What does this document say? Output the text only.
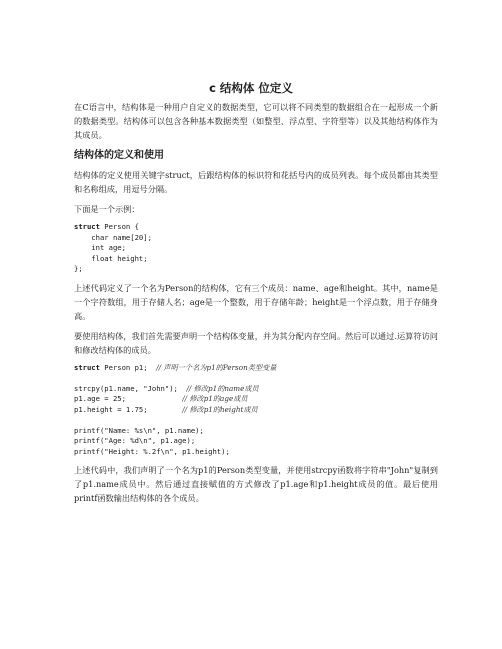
c 结构体 位定义

在C语言中，结构体是一种用户自定义的数据类型，它可以将不同类型的数据组合在一起形成一个新的数据类型。结构体可以包含各种基本数据类型（如整型、浮点型、字符型等）以及其他结构体作为其成员。

结构体的定义和使用

结构体的定义使用关键字struct，后跟结构体的标识符和花括号内的成员列表。每个成员都由其类型和名称组成，用逗号分隔。

下面是一个示例：

struct Person {
char name[20];
int age;
float height;
};

上述代码定义了一个名为Person的结构体，它有三个成员：name、age和height。其中，name是一个字符数组，用于存储人名；age是一个整数，用于存储年龄；height是一个浮点数，用于存储身高。

要使用结构体，我们首先需要声明一个结构体变量，并为其分配内存空间。然后可以通过.运算符访问和修改结构体的成员。

struct Person p1;  // 声明一个名为p1的Person类型变量

strcpy(p1.name, "John");  // 修改p1的name成员
p1.age = 25;             // 修改p1的age成员
p1.height = 1.75;        // 修改p1的height成员

printf("Name: %s\n", p1.name);
printf("Age: %d\n", p1.age);
printf("Height: %.2f\n", p1.height);

上述代码中，我们声明了一个名为p1的Person类型变量，并使用strcpy函数将字符串"John"复制到了p1.name成员中。然后通过直接赋值的方式修改了p1.age和p1.height成员的值。最后使用printf函数输出结构体的各个成员。
